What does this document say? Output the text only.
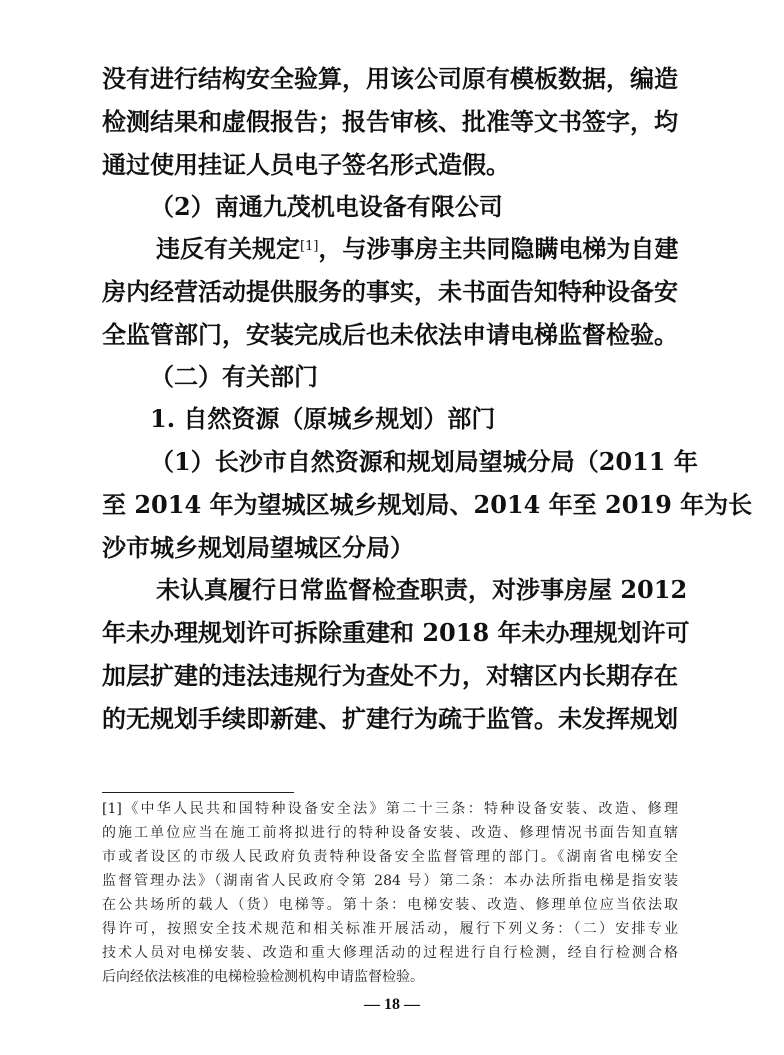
没有进行结构安全验算，用该公司原有模板数据，编造
检测结果和虚假报告；报告审核、批准等文书签字，均
通过使用挂证人员电子签名形式造假。
（2）南通九茂机电设备有限公司
违反有关规定[1]，与涉事房主共同隐瞒电梯为自建
房内经营活动提供服务的事实，未书面告知特种设备安
全监管部门，安装完成后也未依法申请电梯监督检验。
（二）有关部门
1. 自然资源（原城乡规划）部门
（1）长沙市自然资源和规划局望城分局（2011 年
至 2014 年为望城区城乡规划局、2014 年至 2019 年为长
沙市城乡规划局望城区分局）
未认真履行日常监督检查职责，对涉事房屋 2012
年未办理规划许可拆除重建和 2018 年未办理规划许可
加层扩建的违法违规行为查处不力，对辖区内长期存在
的无规划手续即新建、扩建行为疏于监管。未发挥规划
[1]《中华人民共和国特种设备安全法》第二十三条：特种设备安装、改造、修理
的施工单位应当在施工前将拟进行的特种设备安装、改造、修理情况书面告知直辖
市或者设区的市级人民政府负责特种设备安全监督管理的部门。《湖南省电梯安全
监督管理办法》（湖南省人民政府令第 284 号）第二条：本办法所指电梯是指安装
在公共场所的载人（货）电梯等。第十条：电梯安装、改造、修理单位应当依法取
得许可，按照安全技术规范和相关标准开展活动，履行下列义务：（二）安排专业
技术人员对电梯安装、改造和重大修理活动的过程进行自行检测，经自行检测合格
后向经依法核准的电梯检验检测机构申请监督检验。
— 18 —
